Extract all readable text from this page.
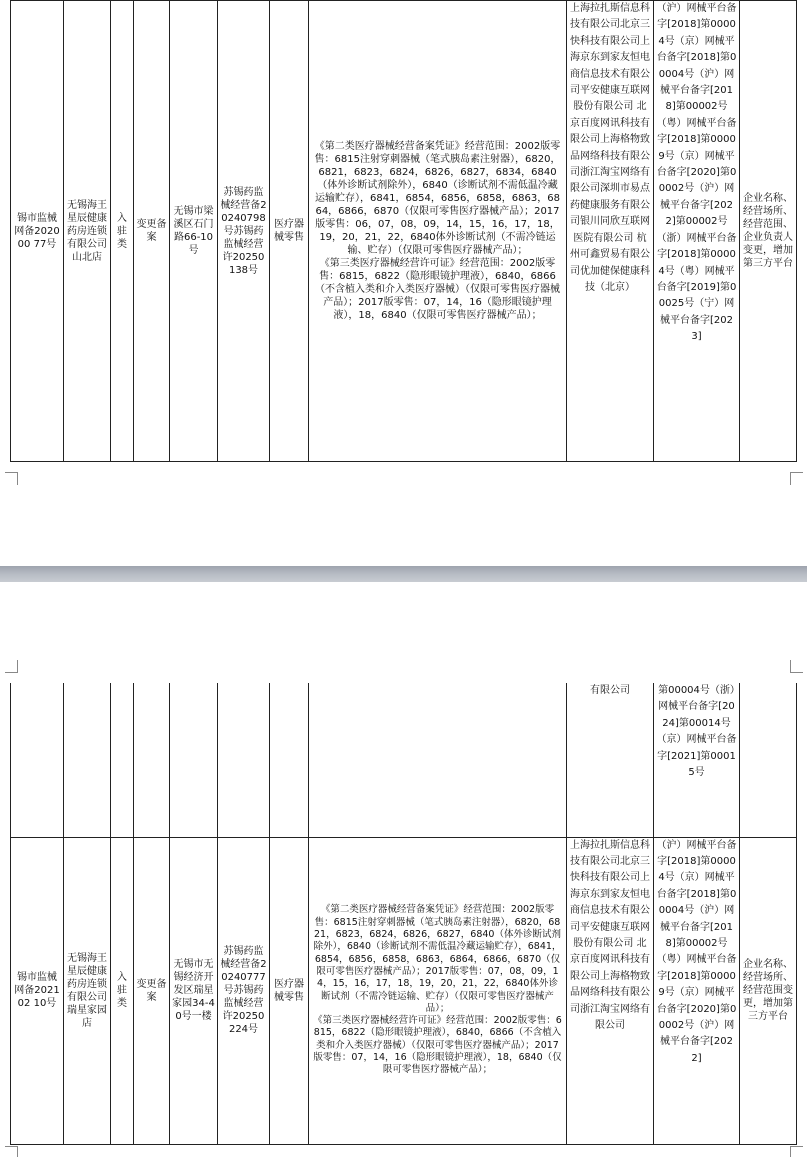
锡市监械网备202000 77号	无锡海王星辰健康药房连锁有限公司山北店	入驻类	变更备案	无锡市梁溪区石门路66-10号	苏锡药监械经营备20240798号苏锡药监械经营许20250138号	医疗器械零售	
《第二类医疗器械经营备案凭证》经营范围：2002版零售：6815注射穿刺器械（笔式胰岛素注射器），6820，6821，6823，6824，6826，6827，6834，6840（体外诊断试剂除外），6840（诊断试剂不需低温冷藏运输贮存），6841，6854，6856，6858，6863，6864，6866，6870（仅限可零售医疗器械产品）；2017版零售：06，07，08，09，14，15，16，17，18，19，20，21，22，6840体外诊断试剂（不需冷链运输、贮存）（仅限可零售医疗器械产品）；
《第三类医疗器械经营许可证》经营范围：2002版零售：6815，6822（隐形眼镜护理液），6840，6866（不含植入类和介入类医疗器械）（仅限可零售医疗器械产品）；2017版零售：07，14，16（隐形眼镜护理液），18，6840（仅限可零售医疗器械产品）；
	上海拉扎斯信息科技有限公司北京三快科技有限公司上海京东到家友恒电商信息技术有限公司平安健康互联网股份有限公司 北京百度网讯科技有限公司上海格物致品网络科技有限公司浙江淘宝网络有限公司深圳市易点药健康服务有限公司银川同欣互联网医院有限公司 杭州可鑫贸易有限公司优加健保健康科技（北京）	（沪）网械平台备字[2018]第00004号（京）网械平台备字[2018]第00004号（沪）网械平台备字[2018]第00002号（粤）网械平台备字[2018]第00009号（京）网械平台备字[2020]第00002号（沪）网械平台备字[2022]第00002号（浙）网械平台备字[2018]第00004号（粤）网械平台备字[2019]第00025号（宁）网械平台备字[2023]	企业名称、经营场所、经营范围、企业负责人变更，增加第三方平台
								有限公司	第00004号（浙）网械平台备字[2024]第00014号（京）网械平台备字[2021]第00015号	
锡市监械网备202102 10号	无锡海王星辰健康药房连锁有限公司瑞星家园店	入驻类	变更备案	无锡市无锡经济开发区瑞星家园34-40号一楼	苏锡药监械经营备20240777号苏锡药监械经营许20250224号	医疗器械零售	《第二类医疗器械经营备案凭证》经营范围：2002版零售：6815注射穿刺器械（笔式胰岛素注射器），6820，6821，6823，6824，6826，6827，6840（体外诊断试剂除外），6840（诊断试剂不需低温冷藏运输贮存），6841，6854，6856，6858，6863，6864，6866，6870（仅限可零售医疗器械产品）；2017版零售：07，08，09，14，15，16，17，18，19，20，21，22，6840体外诊断试剂（不需冷链运输、贮存）（仅限可零售医疗器械产品）；
《第三类医疗器械经营许可证》经营范围：2002版零售：6815，6822（隐形眼镜护理液），6840，6866（不含植入类和介入类医疗器械）（仅限可零售医疗器械产品）；2017版零售：07，14，16（隐形眼镜护理液），18，6840（仅限可零售医疗器械产品）；	上海拉扎斯信息科技有限公司北京三快科技有限公司上海京东到家友恒电商信息技术有限公司平安健康互联网股份有限公司 北京百度网讯科技有限公司上海格物致品网络科技有限公司浙江淘宝网络有限公司	（沪）网械平台备字[2018]第00004号（京）网械平台备字[2018]第00004号（沪）网械平台备字[2018]第00002号（粤）网械平台备字[2018]第00009号（京）网械平台备字[2020]第00002号（沪）网械平台备字[2022]	企业名称、经营场所、经营范围变更，增加第三方平台
